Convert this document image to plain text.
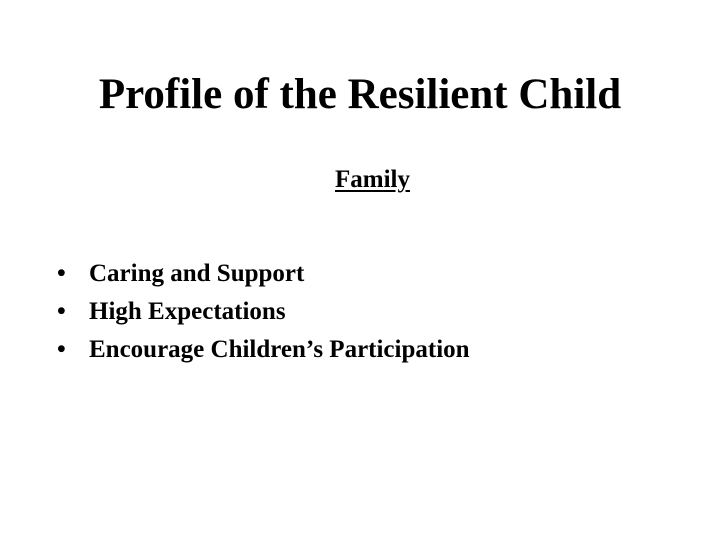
Profile of the Resilient Child
Family
• Caring and Support
• High Expectations
• Encourage Children’s Participation
